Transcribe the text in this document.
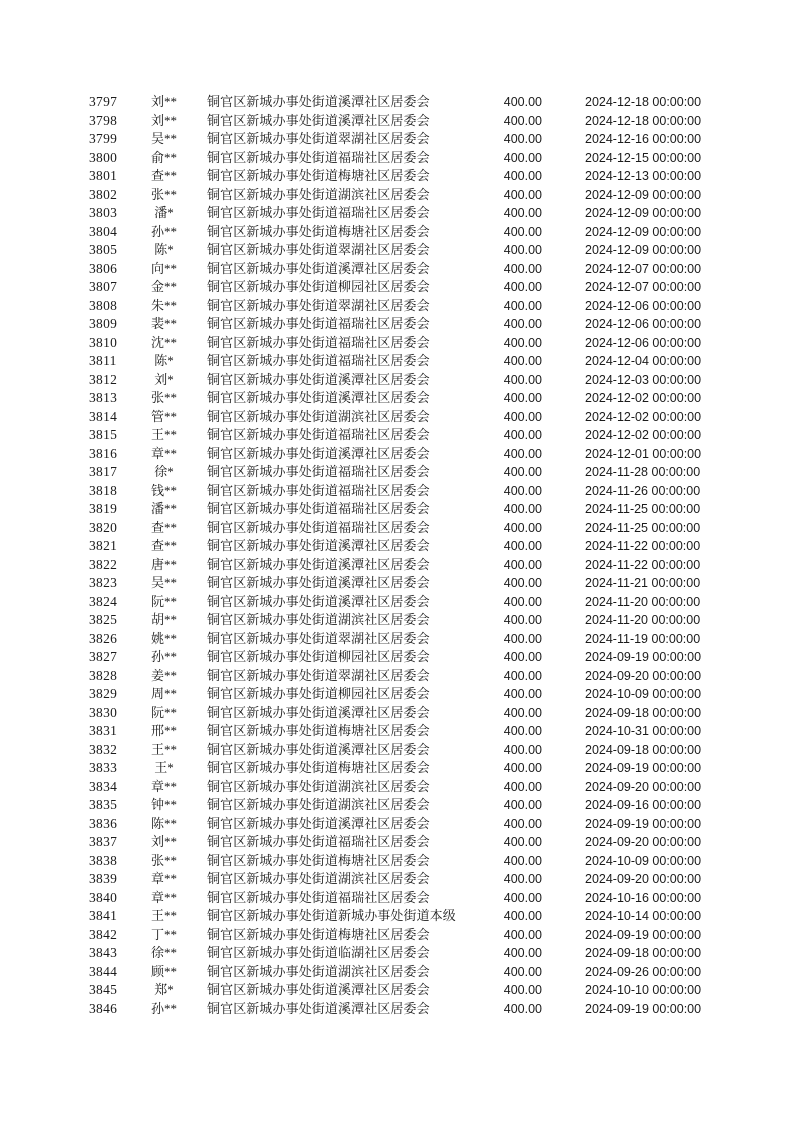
3797	刘**	铜官区新城办事处街道溪潭社区居委会	400.00	2024-12-18 00:00:00
3798	刘**	铜官区新城办事处街道溪潭社区居委会	400.00	2024-12-18 00:00:00
3799	吴**	铜官区新城办事处街道翠湖社区居委会	400.00	2024-12-16 00:00:00
3800	俞**	铜官区新城办事处街道福瑞社区居委会	400.00	2024-12-15 00:00:00
3801	查**	铜官区新城办事处街道梅塘社区居委会	400.00	2024-12-13 00:00:00
3802	张**	铜官区新城办事处街道湖滨社区居委会	400.00	2024-12-09 00:00:00
3803	潘*	铜官区新城办事处街道福瑞社区居委会	400.00	2024-12-09 00:00:00
3804	孙**	铜官区新城办事处街道梅塘社区居委会	400.00	2024-12-09 00:00:00
3805	陈*	铜官区新城办事处街道翠湖社区居委会	400.00	2024-12-09 00:00:00
3806	向**	铜官区新城办事处街道溪潭社区居委会	400.00	2024-12-07 00:00:00
3807	金**	铜官区新城办事处街道柳园社区居委会	400.00	2024-12-07 00:00:00
3808	朱**	铜官区新城办事处街道翠湖社区居委会	400.00	2024-12-06 00:00:00
3809	裴**	铜官区新城办事处街道福瑞社区居委会	400.00	2024-12-06 00:00:00
3810	沈**	铜官区新城办事处街道福瑞社区居委会	400.00	2024-12-06 00:00:00
3811	陈*	铜官区新城办事处街道福瑞社区居委会	400.00	2024-12-04 00:00:00
3812	刘*	铜官区新城办事处街道溪潭社区居委会	400.00	2024-12-03 00:00:00
3813	张**	铜官区新城办事处街道溪潭社区居委会	400.00	2024-12-02 00:00:00
3814	管**	铜官区新城办事处街道湖滨社区居委会	400.00	2024-12-02 00:00:00
3815	王**	铜官区新城办事处街道福瑞社区居委会	400.00	2024-12-02 00:00:00
3816	章**	铜官区新城办事处街道溪潭社区居委会	400.00	2024-12-01 00:00:00
3817	徐*	铜官区新城办事处街道福瑞社区居委会	400.00	2024-11-28 00:00:00
3818	钱**	铜官区新城办事处街道福瑞社区居委会	400.00	2024-11-26 00:00:00
3819	潘**	铜官区新城办事处街道福瑞社区居委会	400.00	2024-11-25 00:00:00
3820	查**	铜官区新城办事处街道福瑞社区居委会	400.00	2024-11-25 00:00:00
3821	查**	铜官区新城办事处街道溪潭社区居委会	400.00	2024-11-22 00:00:00
3822	唐**	铜官区新城办事处街道溪潭社区居委会	400.00	2024-11-22 00:00:00
3823	吴**	铜官区新城办事处街道溪潭社区居委会	400.00	2024-11-21 00:00:00
3824	阮**	铜官区新城办事处街道溪潭社区居委会	400.00	2024-11-20 00:00:00
3825	胡**	铜官区新城办事处街道湖滨社区居委会	400.00	2024-11-20 00:00:00
3826	姚**	铜官区新城办事处街道翠湖社区居委会	400.00	2024-11-19 00:00:00
3827	孙**	铜官区新城办事处街道柳园社区居委会	400.00	2024-09-19 00:00:00
3828	姜**	铜官区新城办事处街道翠湖社区居委会	400.00	2024-09-20 00:00:00
3829	周**	铜官区新城办事处街道柳园社区居委会	400.00	2024-10-09 00:00:00
3830	阮**	铜官区新城办事处街道溪潭社区居委会	400.00	2024-09-18 00:00:00
3831	邢**	铜官区新城办事处街道梅塘社区居委会	400.00	2024-10-31 00:00:00
3832	王**	铜官区新城办事处街道溪潭社区居委会	400.00	2024-09-18 00:00:00
3833	王*	铜官区新城办事处街道梅塘社区居委会	400.00	2024-09-19 00:00:00
3834	章**	铜官区新城办事处街道湖滨社区居委会	400.00	2024-09-20 00:00:00
3835	钟**	铜官区新城办事处街道湖滨社区居委会	400.00	2024-09-16 00:00:00
3836	陈**	铜官区新城办事处街道溪潭社区居委会	400.00	2024-09-19 00:00:00
3837	刘**	铜官区新城办事处街道福瑞社区居委会	400.00	2024-09-20 00:00:00
3838	张**	铜官区新城办事处街道梅塘社区居委会	400.00	2024-10-09 00:00:00
3839	章**	铜官区新城办事处街道湖滨社区居委会	400.00	2024-09-20 00:00:00
3840	章**	铜官区新城办事处街道福瑞社区居委会	400.00	2024-10-16 00:00:00
3841	王**	铜官区新城办事处街道新城办事处街道本级	400.00	2024-10-14 00:00:00
3842	丁**	铜官区新城办事处街道梅塘社区居委会	400.00	2024-09-19 00:00:00
3843	徐**	铜官区新城办事处街道临湖社区居委会	400.00	2024-09-18 00:00:00
3844	顾**	铜官区新城办事处街道湖滨社区居委会	400.00	2024-09-26 00:00:00
3845	郑*	铜官区新城办事处街道溪潭社区居委会	400.00	2024-10-10 00:00:00
3846	孙**	铜官区新城办事处街道溪潭社区居委会	400.00	2024-09-19 00:00:00
